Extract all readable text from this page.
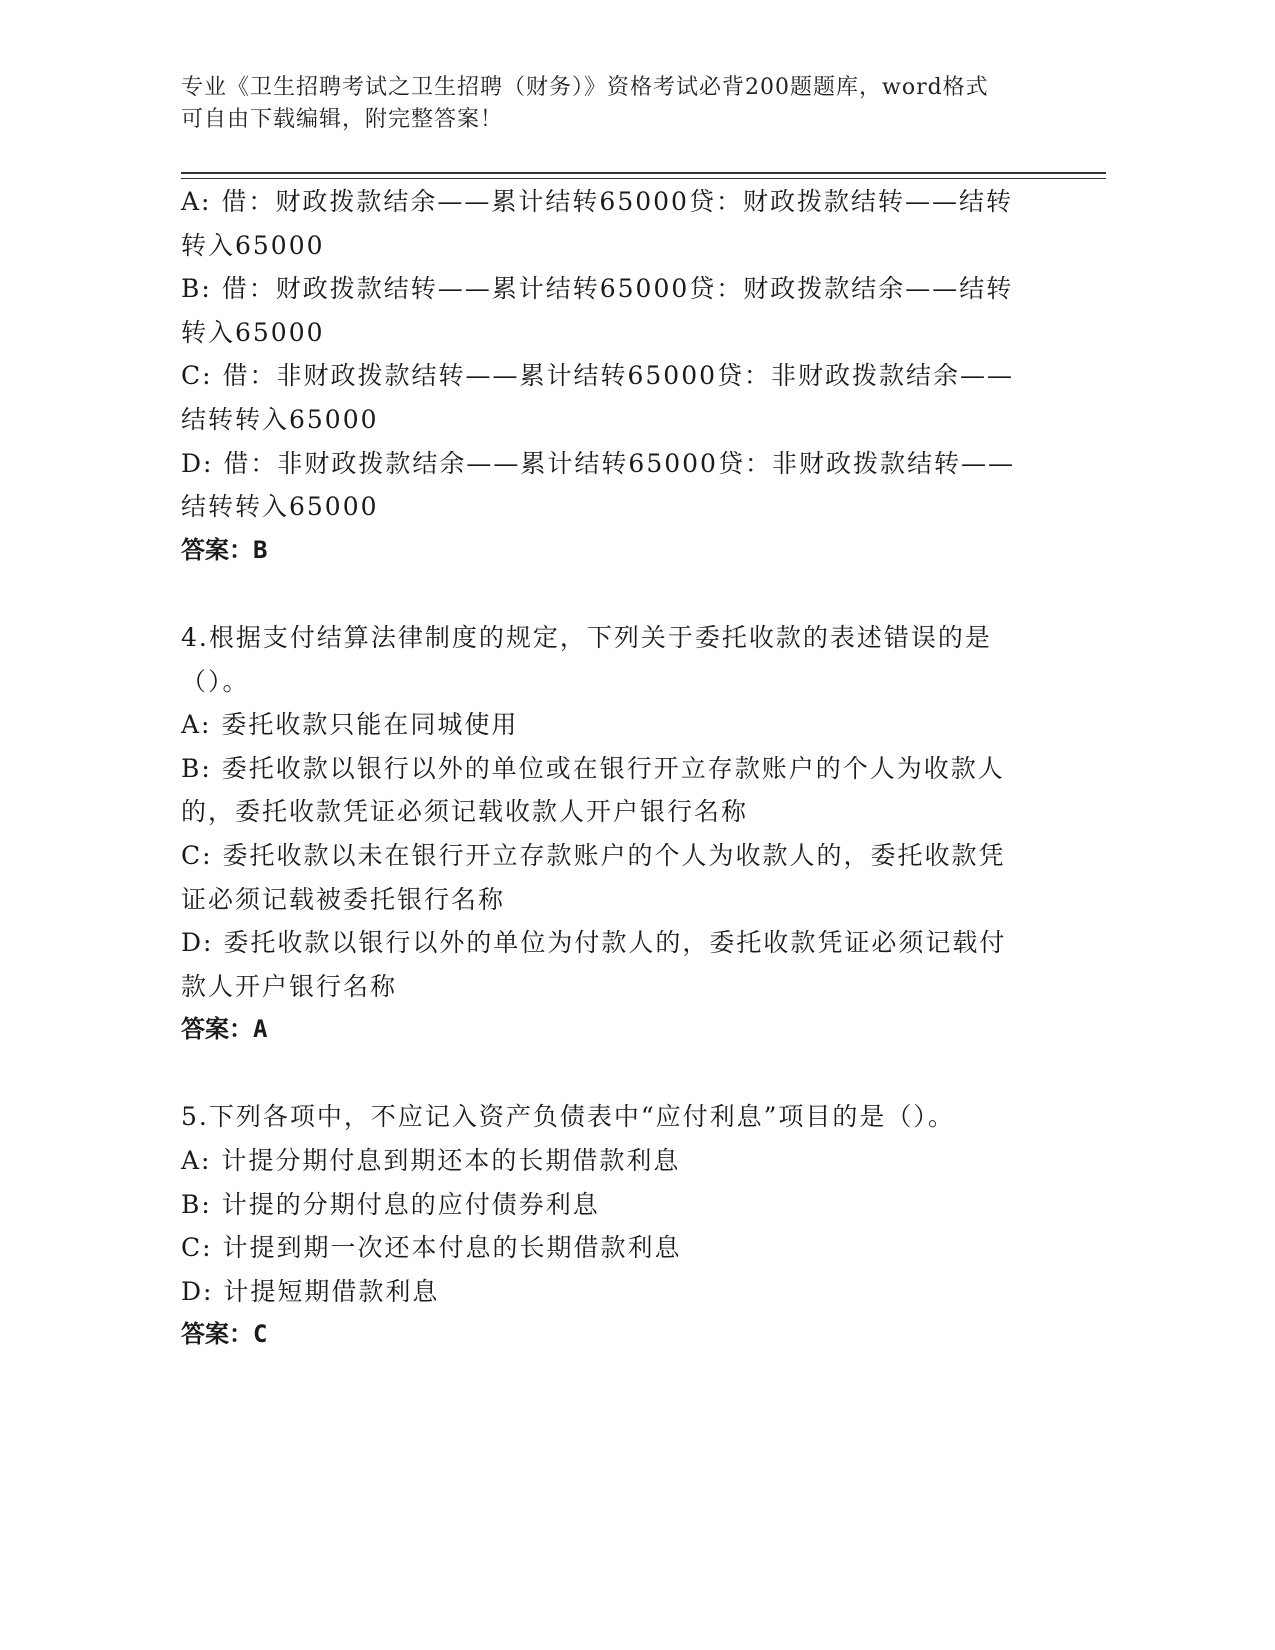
专业《卫生招聘考试之卫生招聘（财务）》资格考试必背200题题库，word格式
可自由下载编辑，附完整答案！
A: 借：财政拨款结余——累计结转65000贷：财政拨款结转——结转
转入65000
B: 借：财政拨款结转——累计结转65000贷：财政拨款结余——结转
转入65000
C: 借：非财政拨款结转——累计结转65000贷：非财政拨款结余——
结转转入65000
D: 借：非财政拨款结余——累计结转65000贷：非财政拨款结转——
结转转入65000
答案：B
4.根据支付结算法律制度的规定，下列关于委托收款的表述错误的是
（）。
A: 委托收款只能在同城使用
B: 委托收款以银行以外的单位或在银行开立存款账户的个人为收款人
的，委托收款凭证必须记载收款人开户银行名称
C: 委托收款以未在银行开立存款账户的个人为收款人的，委托收款凭
证必须记载被委托银行名称
D: 委托收款以银行以外的单位为付款人的，委托收款凭证必须记载付
款人开户银行名称
答案：A
5.下列各项中，不应记入资产负债表中“应付利息”项目的是（）。
A: 计提分期付息到期还本的长期借款利息
B: 计提的分期付息的应付债券利息
C: 计提到期一次还本付息的长期借款利息
D: 计提短期借款利息
答案：C
